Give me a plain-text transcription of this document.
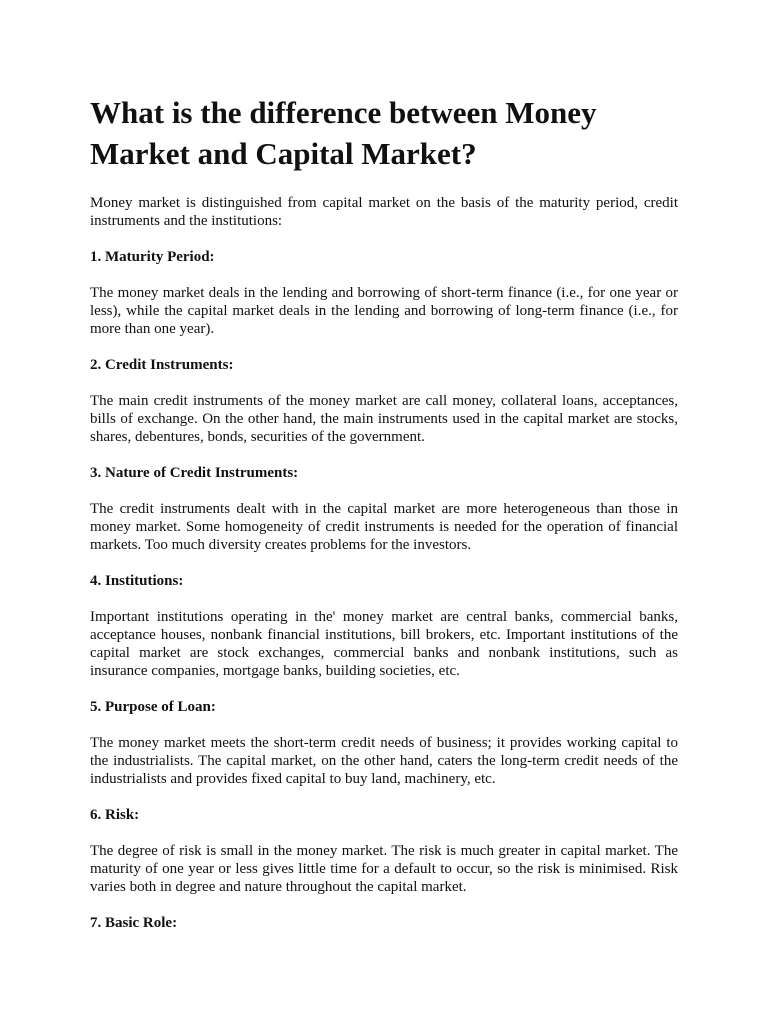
What is the difference between Money Market and Capital Market?

Money market is distinguished from capital market on the basis of the maturity period, credit instruments and the institutions:

1. Maturity Period:

The money market deals in the lending and borrowing of short-term finance (i.e., for one year or less), while the capital market deals in the lending and borrowing of long-term finance (i.e., for more than one year).

2. Credit Instruments:

The main credit instruments of the money market are call money, collateral loans, acceptances, bills of exchange. On the other hand, the main instruments used in the capital market are stocks, shares, debentures, bonds, securities of the government.

3. Nature of Credit Instruments:

The credit instruments dealt with in the capital market are more heterogeneous than those in money market. Some homogeneity of credit instruments is needed for the operation of financial markets. Too much diversity creates problems for the investors.

4. Institutions:

Important institutions operating in the' money market are central banks, commercial banks, acceptance houses, nonbank financial institutions, bill brokers, etc. Important institutions of the capital market are stock exchanges, commercial banks and nonbank institutions, such as insurance companies, mortgage banks, building societies, etc.

5. Purpose of Loan:

The money market meets the short-term credit needs of business; it provides working capital to the industrialists. The capital market, on the other hand, caters the long-term credit needs of the industrialists and provides fixed capital to buy land, machinery, etc.

6. Risk:

The degree of risk is small in the money market. The risk is much greater in capital market. The maturity of one year or less gives little time for a default to occur, so the risk is minimised. Risk varies both in degree and nature throughout the capital market.

7. Basic Role:
